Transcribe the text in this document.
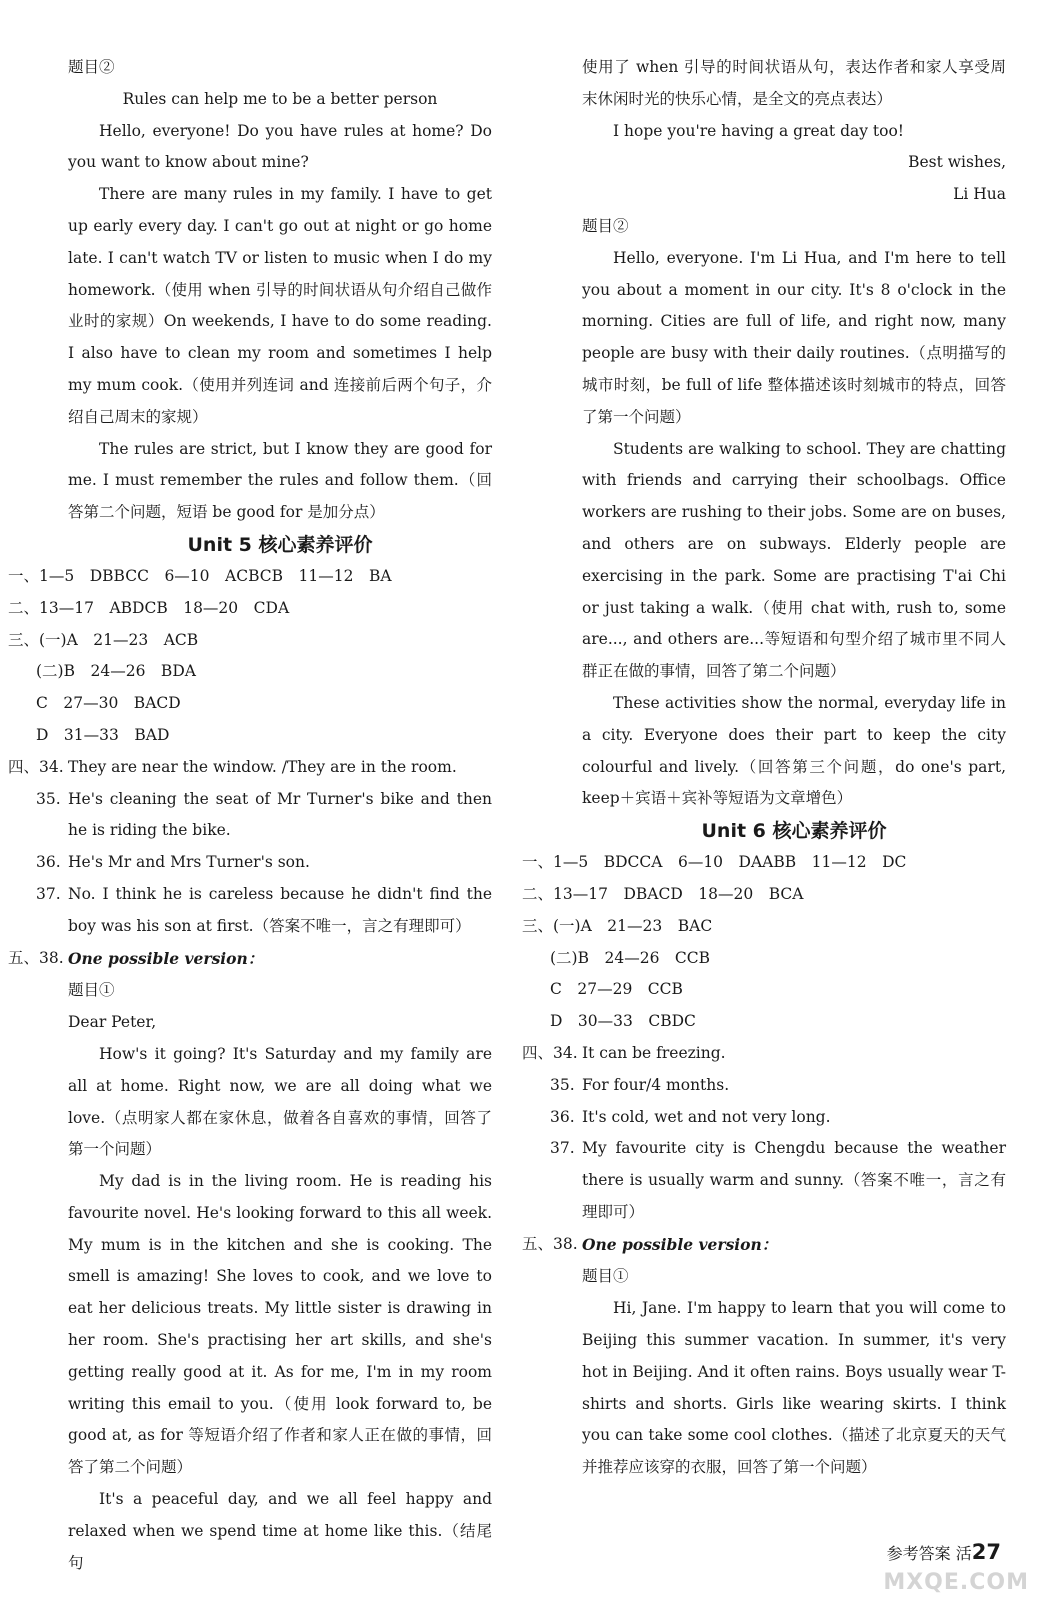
题目②

Rules can help me to be a better person

Hello, everyone! Do you have rules at home? Do you want to know about mine?

There are many rules in my family. I have to get up early every day. I can't go out at night or go home late. I can't watch TV or listen to music when I do my homework.（使用 when 引导的时间状语从句介绍自己做作业时的家规）On weekends, I have to do some reading. I also have to clean my room and sometimes I help my mum cook.（使用并列连词 and 连接前后两个句子，介绍自己周末的家规）

The rules are strict, but I know they are good for me. I must remember the rules and follow them.（回答第二个问题，短语 be good for 是加分点）

Unit 5 核心素养评价
一、1—5　DBBCC　6—10　ACBCB　11—12　BA
二、13—17　ABDCB　18—20　CDA
三、(一)A　21—23　ACB
(二)B　24—26　BDA
C　27—30　BACD
D　31—33　BAD
四、34. They are near the window. /They are in the room.
35. He's cleaning the seat of Mr Turner's bike and then he is riding the bike.
36. He's Mr and Mrs Turner's son.
37. No. I think he is careless because he didn't find the boy was his son at first.（答案不唯一，言之有理即可）
五、38. One possible version：

题目①

Dear Peter,

How's it going? It's Saturday and my family are all at home. Right now, we are all doing what we love.（点明家人都在家休息，做着各自喜欢的事情，回答了第一个问题）

My dad is in the living room. He is reading his favourite novel. He's looking forward to this all week. My mum is in the kitchen and she is cooking. The smell is amazing! She loves to cook, and we love to eat her delicious treats. My little sister is drawing in her room. She's practising her art skills, and she's getting really good at it. As for me, I'm in my room writing this email to you.（使用 look forward to, be good at, as for 等短语介绍了作者和家人正在做的事情，回答了第二个问题）

It's a peaceful day, and we all feel happy and relaxed when we spend time at home like this.（结尾句

使用了 when 引导的时间状语从句，表达作者和家人享受周末休闲时光的快乐心情，是全文的亮点表达）

I hope you're having a great day too!

Best wishes,

Li Hua

题目②

Hello, everyone. I'm Li Hua, and I'm here to tell you about a moment in our city. It's 8 o'clock in the morning. Cities are full of life, and right now, many people are busy with their daily routines.（点明描写的城市时刻，be full of life 整体描述该时刻城市的特点，回答了第一个问题）

Students are walking to school. They are chatting with friends and carrying their schoolbags. Office workers are rushing to their jobs. Some are on buses, and others are on subways. Elderly people are exercising in the park. Some are practising T'ai Chi or just taking a walk.（使用 chat with, rush to, some are..., and others are...等短语和句型介绍了城市里不同人群正在做的事情，回答了第二个问题）

These activities show the normal, everyday life in a city. Everyone does their part to keep the city colourful and lively.（回答第三个问题，do one's part, keep＋宾语＋宾补等短语为文章增色）

Unit 6 核心素养评价
一、1—5　BDCCA　6—10　DAABB　11—12　DC
二、13—17　DBACD　18—20　BCA
三、(一)A　21—23　BAC
(二)B　24—26　CCB
C　27—29　CCB
D　30—33　CBDC
四、34. It can be freezing.
35. For four/4 months.
36. It's cold, wet and not very long.
37. My favourite city is Chengdu because the weather there is usually warm and sunny.（答案不唯一，言之有理即可）
五、38. One possible version：

题目①

Hi, Jane. I'm happy to learn that you will come to Beijing this summer vacation. In summer, it's very hot in Beijing. And it often rains. Boys usually wear T-shirts and shorts. Girls like wearing skirts. I think you can take some cool clothes.（描述了北京夏天的天气并推荐应该穿的衣服，回答了第一个问题）

参考答案 活27
MXQE.COM
